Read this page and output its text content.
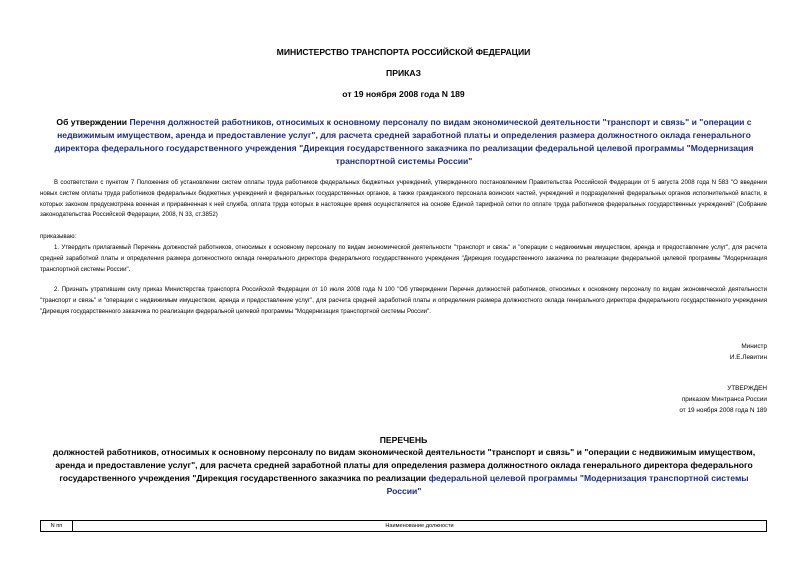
МИНИСТЕРСТВО ТРАНСПОРТА РОССИЙСКОЙ ФЕДЕРАЦИИ
ПРИКАЗ
от 19 ноября 2008 года N 189
Об утверждении Перечня должностей работников, относимых к основному персоналу по видам экономической деятельности "транспорт и связь" и "операции с недвижимым имуществом, аренда и предоставление услуг", для расчета средней заработной платы и определения размера должностного оклада генерального директора федерального государственного учреждения "Дирекция государственного заказчика по реализации федеральной целевой программы "Модернизация транспортной системы России"
В соответствии с пунктом 7 Положения об установлении систем оплаты труда работников федеральных бюджетных учреждений, утвержденного постановлением Правительства Российской Федерации от 5 августа 2008 года N 583 "О введении новых систем оплаты труда работников федеральных бюджетных учреждений и федеральных государственных органов, а также гражданского персонала воинских частей, учреждений и подразделений федеральных органов исполнительной власти, в которых законом предусмотрена военная и приравненная к ней служба, оплата труда которых в настоящее время осуществляется на основе Единой тарифной сетки по оплате труда работников федеральных государственных учреждений" (Собрание законодательства Российской Федерации, 2008, N 33, ст.3852)
приказываю:
1. Утвердить прилагаемый Перечень должностей работников, относимых к основному персоналу по видам экономической деятельности "транспорт и связь" и "операции с недвижимым имуществом, аренда и предоставление услуг", для расчета средней заработной платы и определения размера должностного оклада генерального директора федерального государственного учреждения "Дирекция государственного заказчика по реализации федеральной целевой программы "Модернизация транспортной системы России".
2. Признать утратившим силу приказ Министерства транспорта Российской Федерации от 10 июля 2008 года N 100 "Об утверждении Перечня должностей работников, относимых к основному персоналу по видам экономической деятельности "транспорт и связь" и "операции с недвижимым имуществом, аренда и предоставление услуг", для расчета средней заработной платы и определения размера должностного оклада генерального директора федерального государственного учреждения "Дирекция государственного заказчика по реализации федеральной целевой программы "Модернизация транспортной системы России".
Министр
И.Е.Левитин
УТВЕРЖДЕН
приказом Минтранса России
от 19 ноября 2008 года N 189
ПЕРЕЧЕНЬ
должностей работников, относимых к основному персоналу по видам экономической деятельности "транспорт и связь" и "операции с недвижимым имуществом, аренда и предоставление услуг", для расчета средней заработной платы для определения размера должностного оклада генерального директора федерального государственного учреждения "Дирекция государственного заказчика по реализации федеральной целевой программы "Модернизация транспортной системы России"
N пп	Наименование должности
